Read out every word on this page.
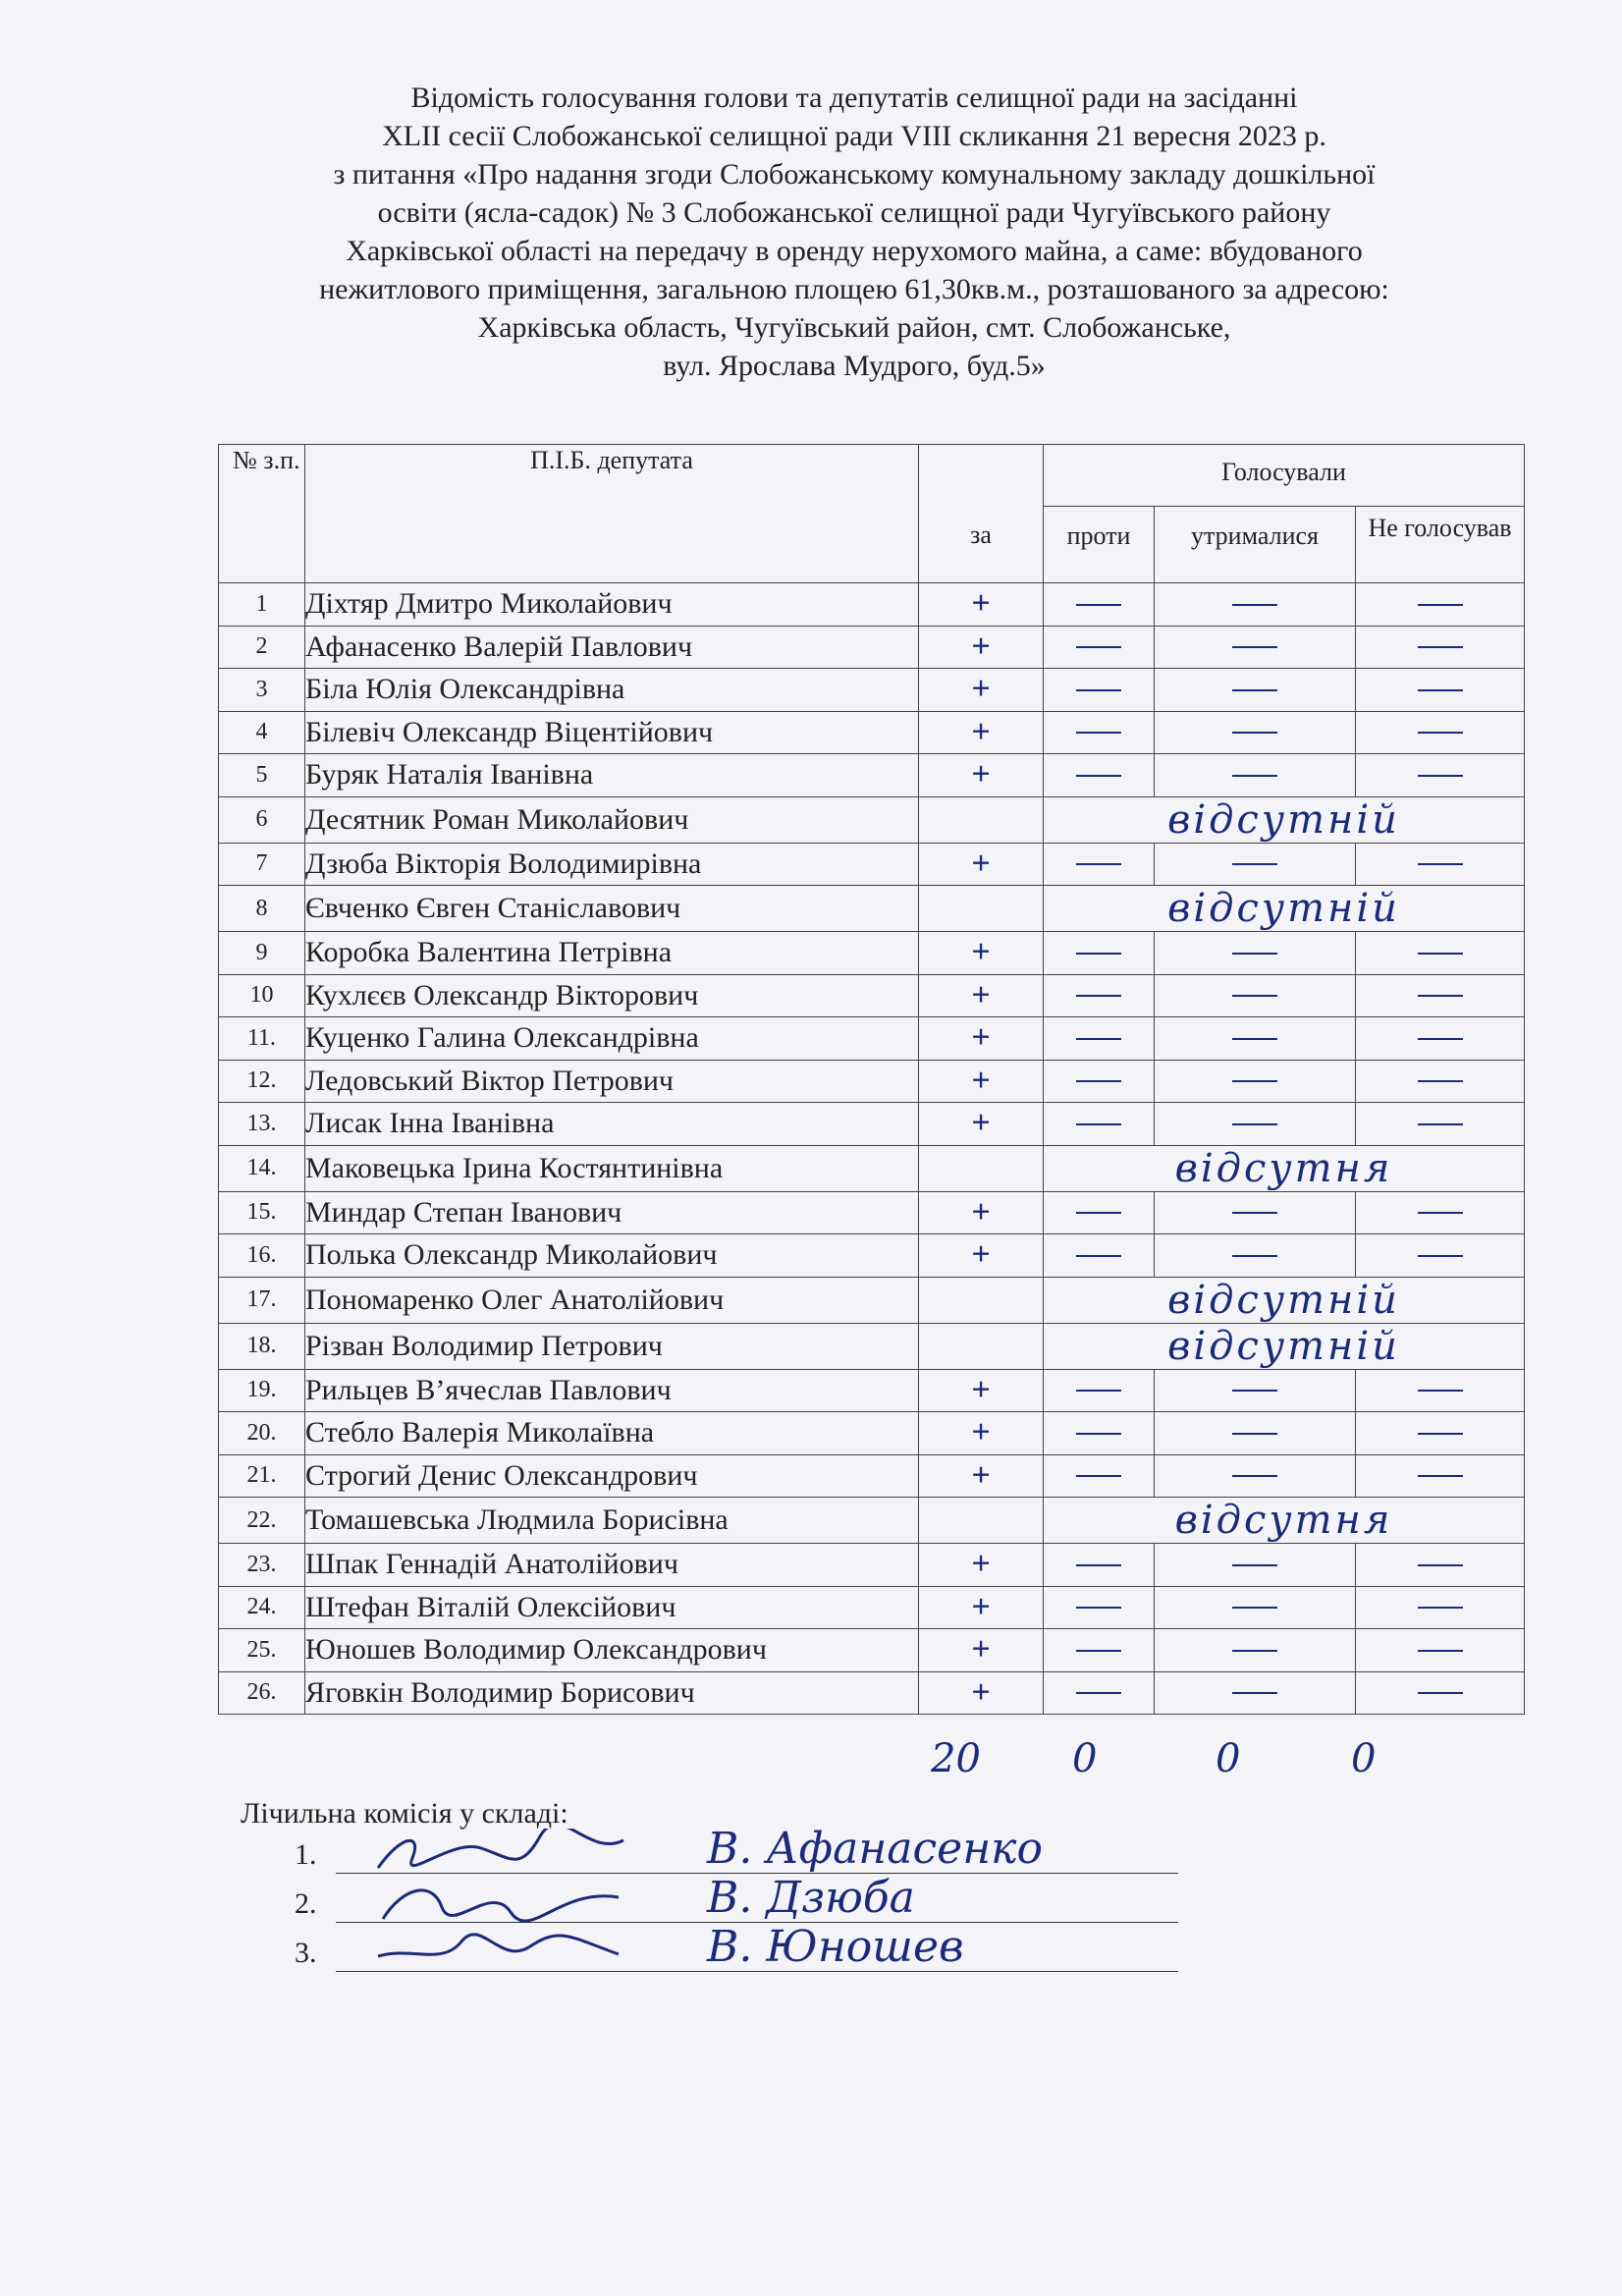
Відомість голосування голови та депутатів селищної ради на засіданні
XLII сесії Слобожанської селищної ради VIII скликання 21 вересня 2023 р.
з питання «Про надання згоди Слобожанському комунальному закладу дошкільної
освіти (ясла-садок) № 3 Слобожанської селищної ради Чугуївського району
Харківської області на передачу в оренду нерухомого майна, а саме: вбудованого
нежитлового приміщення, загальною площею 61,30кв.м., розташованого за адресою:
Харківська область, Чугуївський район, смт. Слобожанське,
вул. Ярослава Мудрого, буд.5»
№ з.п.	П.І.Б. депутата		Голосували		
		за	проти	утрималися	Не голосував
1	Діхтяр Дмитро Миколайович	+			
2	Афанасенко Валерій Павлович	+			
3	Біла Юлія Олександрівна	+			
4	Білевіч Олександр Віцентійович	+			
5	Буряк Наталія Іванівна	+			
6	Десятник Роман Миколайович		відсутній		
7	Дзюба Вікторія Володимирівна	+			
8	Євченко Євген Станіславович		відсутній		
9	Коробка Валентина Петрівна	+			
10	Кухлєєв Олександр Вікторович	+			
11.	Куценко Галина Олександрівна	+			
12.	Ледовський Віктор Петрович	+			
13.	Лисак Інна Іванівна	+			
14.	Маковецька Ірина Костянтинівна		відсутня		
15.	Миндар Степан Іванович	+			
16.	Полька Олександр Миколайович	+			
17.	Пономаренко Олег Анатолійович		відсутній		
18.	Різван Володимир Петрович		відсутній		
19.	Рильцев В’ячеслав Павлович	+			
20.	Стебло Валерія Миколаївна	+			
21.	Строгий Денис Олександрович	+			
22.	Томашевська Людмила Борисівна		відсутня		
23.	Шпак Геннадій Анатолійович	+			
24.	Штефан Віталій Олексійович	+			
25.	Юношев Володимир Олександрович	+			
26.	Яговкін Володимир Борисович	+			
20 0	0	0
Лічильна комісія у складі:
1.	В. Афанасенко
2.	В. Дзюба
3.	В. Юношев
